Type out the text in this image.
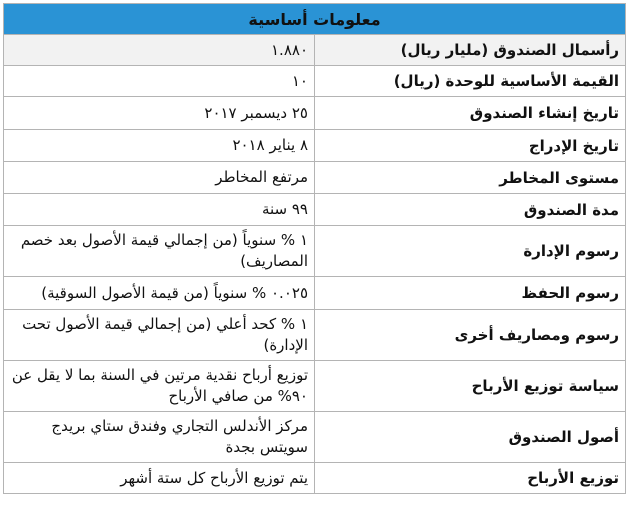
معلومات أساسية	
رأسمال الصندوق (مليار ريال)	١.٨٨٠
القيمة الأساسية للوحدة (ريال)	١٠
تاريخ إنشاء الصندوق	٢٥ ديسمبر ٢٠١٧
تاريخ الإدراج	٨ يناير ٢٠١٨
مستوى المخاطر	مرتفع المخاطر
مدة الصندوق	٩٩ سنة
رسوم الإدارة	١ % سنوياً (من إجمالي قيمة الأصول بعد خصم المصاريف)
رسوم الحفظ	٠.٠٢٥ % سنوياً (من قيمة الأصول السوقية)
رسوم ومصاريف أخرى	١ % كحد أعلي (من إجمالي قيمة الأصول تحت الإدارة)
سياسة توزيع الأرباح	توزيع أرباح نقدية مرتين في السنة بما لا يقل عن ٩٠% من صافي الأرباح
أصول الصندوق	مركز الأندلس التجاري وفندق ستاي بريدج سويتس بجدة
توزيع الأرباح	يتم توزيع الأرباح كل ستة أشهر
